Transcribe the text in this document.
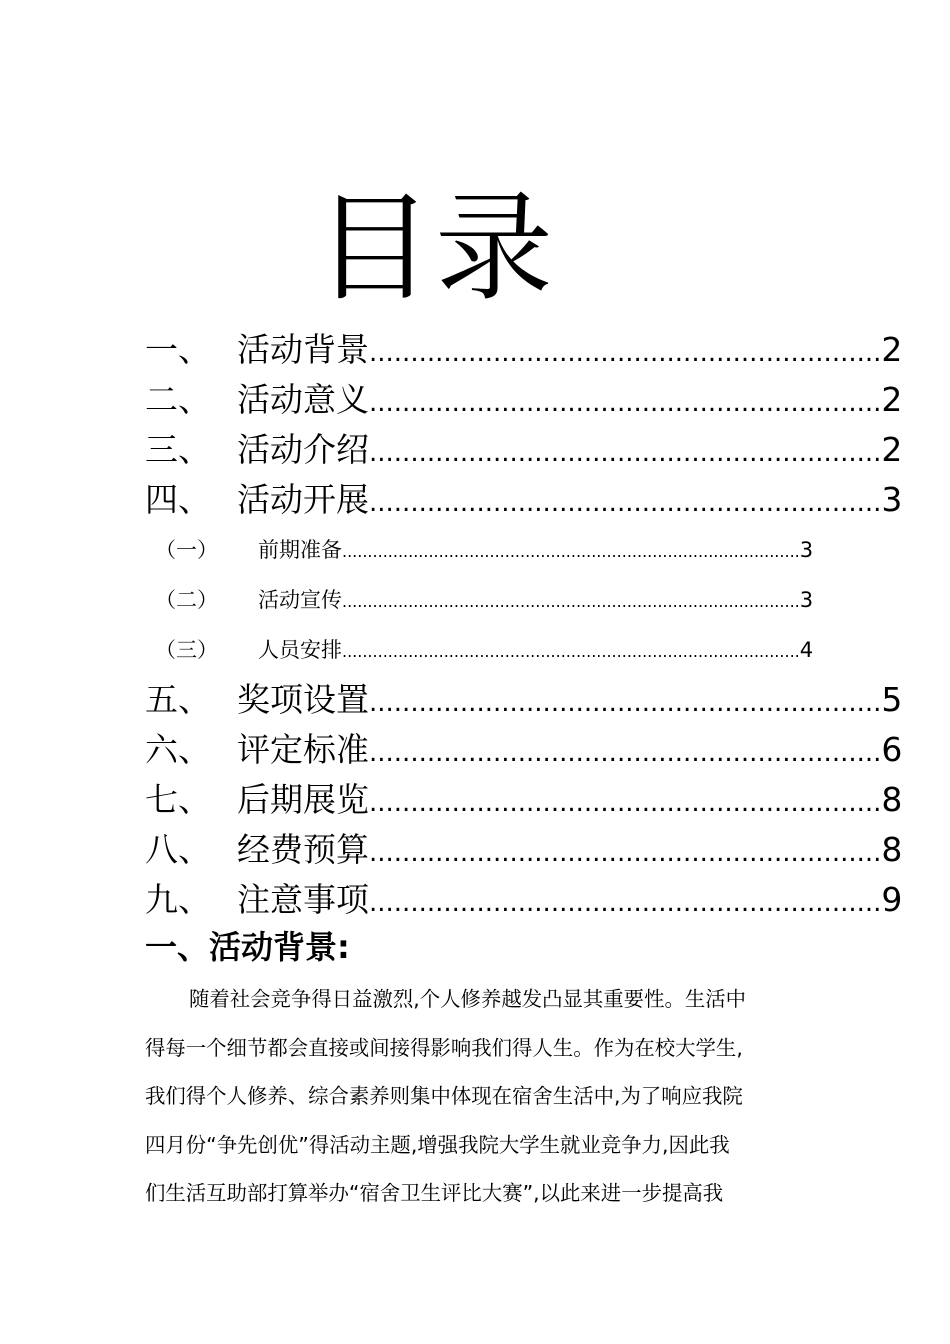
目录
一、 活动背景 .............................................................. 2
二、 活动意义 .............................................................. 2
三、 活动介绍 .............................................................. 2
四、 活动开展 .............................................................. 3
（一）	前期准备 .......................................................................................... 3
（二）	活动宣传 .......................................................................................... 3
（三）	人员安排 .......................................................................................... 4
五、 奖项设置 .............................................................. 5
六、 评定标准 .............................................................. 6
七、 后期展览 .............................................................. 8
八、 经费预算 .............................................................. 8
九、 注意事项 .............................................................. 9
一、活动背景:
随着社会竞争得日益激烈,个人修养越发凸显其重要性。生活中
得每一个细节都会直接或间接得影响我们得人生。作为在校大学生,
我们得个人修养、综合素养则集中体现在宿舍生活中,为了响应我院
四月份“争先创优”得活动主题,增强我院大学生就业竞争力,因此我
们生活互助部打算举办“宿舍卫生评比大赛”,以此来进一步提高我
